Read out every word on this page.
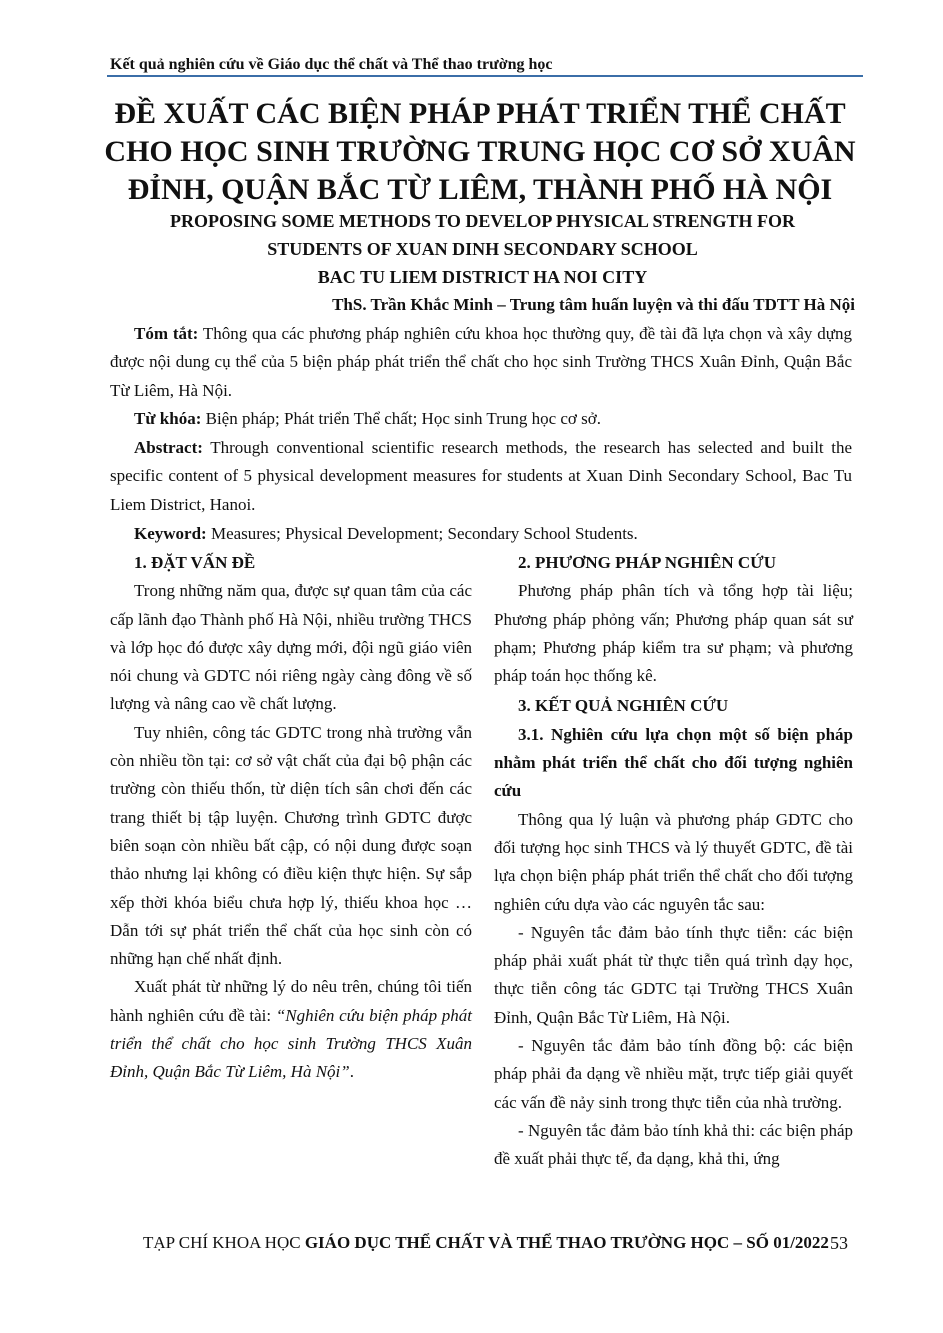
Kết quả nghiên cứu về Giáo dục thể chất và Thể thao trường học
ĐỀ XUẤT CÁC BIỆN PHÁP PHÁT TRIỂN THỂ CHẤT
CHO HỌC SINH TRƯỜNG TRUNG HỌC CƠ SỞ XUÂN
ĐỈNH, QUẬN BẮC TỪ LIÊM, THÀNH PHỐ HÀ NỘI
PROPOSING SOME METHODS TO DEVELOP PHYSICAL STRENGTH FOR
STUDENTS OF XUAN DINH SECONDARY SCHOOL
BAC TU LIEM DISTRICT HA NOI CITY
ThS. Trần Khắc Minh – Trung tâm huấn luyện và thi đấu TDTT Hà Nội

Tóm tắt: Thông qua các phương pháp nghiên cứu khoa học thường quy, đề tài đã lựa chọn và xây dựng được nội dung cụ thể của 5 biện pháp phát triển thể chất cho học sinh Trường THCS Xuân Đỉnh, Quận Bắc Từ Liêm, Hà Nội.

Từ khóa: Biện pháp; Phát triển Thể chất; Học sinh Trung học cơ sở.

Abstract: Through conventional scientific research methods, the research has selected and built the specific content of 5 physical development measures for students at Xuan Dinh Secondary School, Bac Tu Liem District, Hanoi.

Keyword: Measures; Physical Development; Secondary School Students.

1. ĐẶT VẤN ĐỀ

Trong những năm qua, được sự quan tâm của các cấp lãnh đạo Thành phố Hà Nội, nhiều trường THCS và lớp học đó được xây dựng mới, đội ngũ giáo viên nói chung và GDTC nói riêng ngày càng đông về số lượng và nâng cao về chất lượng.

Tuy nhiên, công tác GDTC trong nhà trường vẫn còn nhiều tồn tại: cơ sở vật chất của đại bộ phận các trường còn thiếu thốn, từ diện tích sân chơi đến các trang thiết bị tập luyện. Chương trình GDTC được biên soạn còn nhiều bất cập, có nội dung được soạn thảo nhưng lại không có điều kiện thực hiện. Sự sắp xếp thời khóa biểu chưa hợp lý, thiếu khoa học …Dẫn tới sự phát triển thể chất của học sinh còn có những hạn chế nhất định.

Xuất phát từ những lý do nêu trên, chúng tôi tiến hành nghiên cứu đề tài: “Nghiên cứu biện pháp phát triển thể chất cho học sinh Trường THCS Xuân Đỉnh, Quận Bắc Từ Liêm, Hà Nội”.

2. PHƯƠNG PHÁP NGHIÊN CỨU

Phương pháp phân tích và tổng hợp tài liệu; Phương pháp phỏng vấn; Phương pháp quan sát sư phạm; Phương pháp kiểm tra sư phạm; và phương pháp toán học thống kê.

3. KẾT QUẢ NGHIÊN CỨU
3.1. Nghiên cứu lựa chọn một số biện pháp nhằm phát triển thể chất cho đối tượng nghiên cứu

Thông qua lý luận và phương pháp GDTC cho đối tượng học sinh THCS và lý thuyết GDTC, đề tài lựa chọn biện pháp phát triển thể chất cho đối tượng nghiên cứu dựa vào các nguyên tắc sau:

- Nguyên tắc đảm bảo tính thực tiễn: các biện pháp phải xuất phát từ thực tiễn quá trình dạy học, thực tiễn công tác GDTC tại Trường THCS Xuân Đỉnh, Quận Bắc Từ Liêm, Hà Nội.

- Nguyên tắc đảm bảo tính đồng bộ: các biện pháp phải đa dạng về nhiều mặt, trực tiếp giải quyết các vấn đề nảy sinh trong thực tiễn của nhà trường.

- Nguyên tắc đảm bảo tính khả thi: các biện pháp đề xuất phải thực tế, đa dạng, khả thi, ứng

TẠP CHÍ KHOA HỌC GIÁO DỤC THỂ CHẤT VÀ THỂ THAO TRƯỜNG HỌC – SỐ 01/2022 53
